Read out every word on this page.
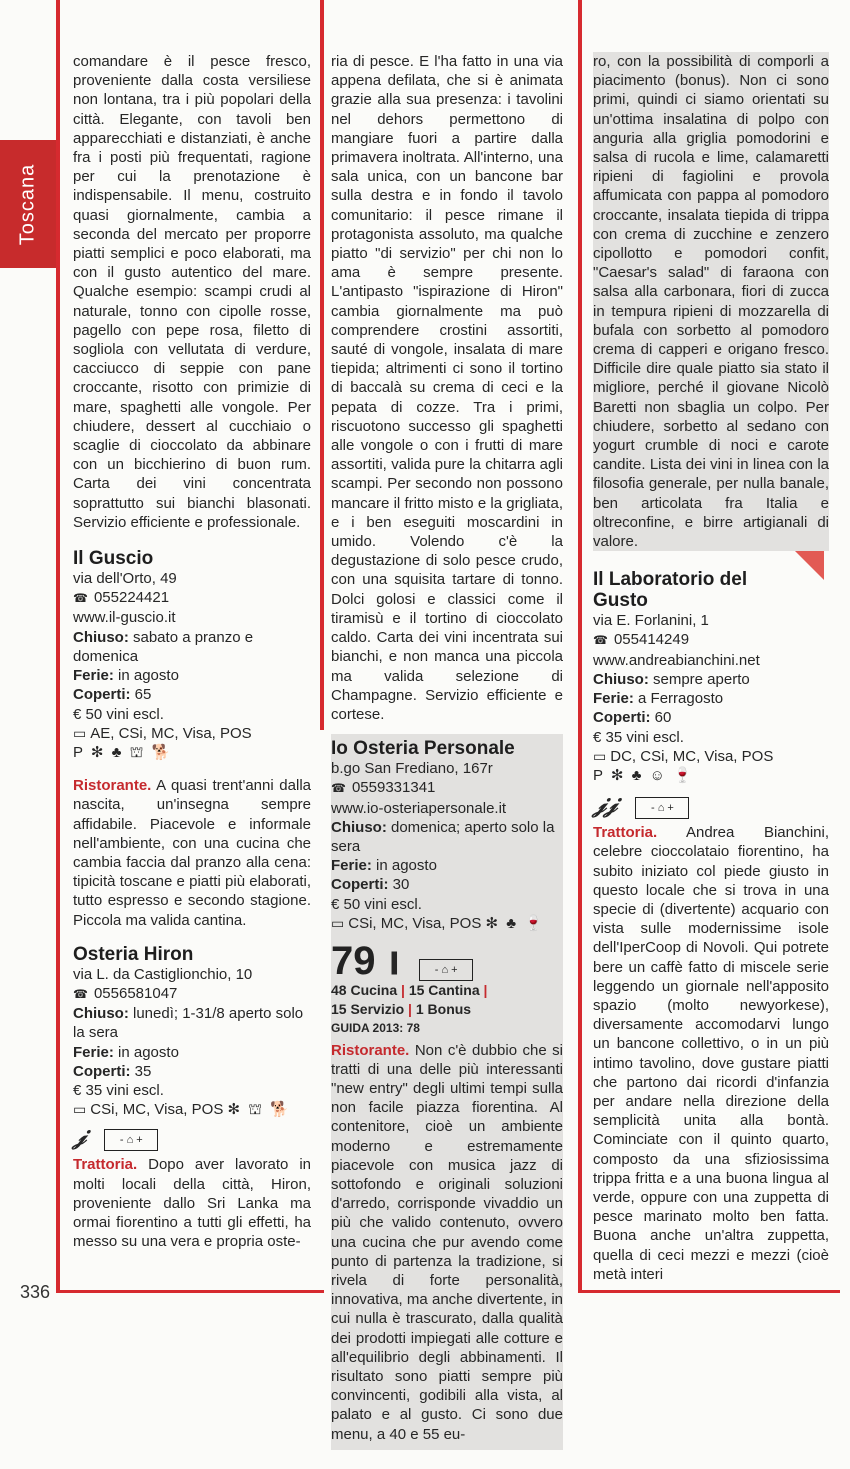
Toscana
336

comandare è il pesce fresco, proveniente dalla costa versiliese non lontana, tra i più popolari della città. Elegante, con tavoli ben apparecchiati e distanziati, è anche fra i posti più frequentati, ragione per cui la prenotazione è indispensabile. Il menu, costruito quasi giornalmente, cambia a seconda del mercato per proporre piatti semplici e poco elaborati, ma con il gusto autentico del mare. Qualche esempio: scampi crudi al naturale, tonno con cipolle rosse, pagello con pepe rosa, filetto di sogliola con vellutata di verdure, cacciucco di seppie con pane croccante, risotto con primizie di mare, spaghetti alle vongole. Per chiudere, dessert al cucchiaio o scaglie di cioccolato da abbinare con un bicchierino di buon rum. Carta dei vini concentrata soprattutto sui bianchi blasonati. Servizio efficiente e professionale.

Il Guscio
via dell'Orto, 49
☎ 055224421
www.il-guscio.it
Chiuso: sabato a pranzo e domenica
Ferie: in agosto
Coperti: 65
€ 50 vini escl.
▭ AE, CSi, MC, Visa, POS
P ✻ ♣ ⛫ 🐕

Ristorante. A quasi trent'anni dalla nascita, un'insegna sempre affidabile. Piacevole e informale nell'ambiente, con una cucina che cambia faccia dal pranzo alla cena: tipicità toscane e piatti più elaborati, tutto espresso e secondo stagione. Piccola ma valida cantina.

Osteria Hiron
via L. da Castiglionchio, 10
☎ 0556581047
Chiuso: lunedì; 1-31/8 aperto solo la sera
Ferie: in agosto
Coperti: 35
€ 35 vini escl.
▭ CSi, MC, Visa, POS ✻ ⛫ 🐕
𝒿	- ⌂ +

Trattoria. Dopo aver lavorato in molti locali della città, Hiron, proveniente dallo Sri Lanka ma ormai fiorentino a tutti gli effetti, ha messo su una vera e propria oste-

ria di pesce. E l'ha fatto in una via appena defilata, che si è animata grazie alla sua presenza: i tavolini nel dehors permettono di mangiare fuori a partire dalla primavera inoltrata. All'interno, una sala unica, con un bancone bar sulla destra e in fondo il tavolo comunitario: il pesce rimane il protagonista assoluto, ma qualche piatto "di servizio" per chi non lo ama è sempre presente. L'antipasto "ispirazione di Hiron" cambia giornalmente ma può comprendere crostini assortiti, sauté di vongole, insalata di mare tiepida; altrimenti ci sono il tortino di baccalà su crema di ceci e la pepata di cozze. Tra i primi, riscuotono successo gli spaghetti alle vongole o con i frutti di mare assortiti, valida pure la chitarra agli scampi. Per secondo non possono mancare il fritto misto e la grigliata, e i ben eseguiti moscardini in umido. Volendo c'è la degustazione di solo pesce crudo, con una squisita tartare di tonno. Dolci golosi e classici come il tiramisù e il tortino di cioccolato caldo. Carta dei vini incentrata sui bianchi, e non manca una piccola ma valida selezione di Champagne. Servizio efficiente e cortese.

Io Osteria Personale
b.go San Frediano, 167r
☎ 0559331341
www.io-osteriapersonale.it
Chiuso: domenica; aperto solo la sera
Ferie: in agosto
Coperti: 30
€ 50 vini escl.
▭ CSi, MC, Visa, POS ✻ ♣ 🍷
79 𝐈	- ⌂ +
48 Cucina | 15 Cantina |
15 Servizio | 1 Bonus
GUIDA 2013: 78

Ristorante. Non c'è dubbio che si tratti di una delle più interessanti "new entry" degli ultimi tempi sulla non facile piazza fiorentina. Al contenitore, cioè un ambiente moderno e estremamente piacevole con musica jazz di sottofondo e originali soluzioni d'arredo, corrisponde vivaddio un più che valido contenuto, ovvero una cucina che pur avendo come punto di partenza la tradizione, si rivela di forte personalità, innovativa, ma anche divertente, in cui nulla è trascurato, dalla qualità dei prodotti impiegati alle cotture e all'equilibrio degli abbinamenti. Il risultato sono piatti sempre più convincenti, godibili alla vista, al palato e al gusto. Ci sono due menu, a 40 e 55 eu-

ro, con la possibilità di comporli a piacimento (bonus). Non ci sono primi, quindi ci siamo orientati su un'ottima insalatina di polpo con anguria alla griglia pomodorini e salsa di rucola e lime, calamaretti ripieni di fagiolini e provola affumicata con pappa al pomodoro croccante, insalata tiepida di trippa con crema di zucchine e zenzero cipollotto e pomodori confit, "Caesar's salad" di faraona con salsa alla carbonara, fiori di zucca in tempura ripieni di mozzarella di bufala con sorbetto al pomodoro crema di capperi e origano fresco. Difficile dire quale piatto sia stato il migliore, perché il giovane Nicolò Baretti non sbaglia un colpo. Per chiudere, sorbetto al sedano con yogurt crumble di noci e carote candite. Lista dei vini in linea con la filosofia generale, per nulla banale, ben articolata fra Italia e oltreconfine, e birre artigianali di valore.

Il Laboratorio del Gusto
via E. Forlanini, 1
☎ 055414249
www.andreabianchini.net
Chiuso: sempre aperto
Ferie: a Ferragosto
Coperti: 60
€ 35 vini escl.
▭ DC, CSi, MC, Visa, POS
P ✻ ♣ ☺ 🍷
𝒿𝒿	- ⌂ +

Trattoria. Andrea Bianchini, celebre cioccolataio fiorentino, ha subito iniziato col piede giusto in questo locale che si trova in una specie di (divertente) acquario con vista sulle modernissime isole dell'IperCoop di Novoli. Qui potrete bere un caffè fatto di miscele serie leggendo un giornale nell'apposito spazio (molto newyorkese), diversamente accomodarvi lungo un bancone collettivo, o in un più intimo tavolino, dove gustare piatti che partono dai ricordi d'infanzia per andare nella direzione della semplicità unita alla bontà. Cominciate con il quinto quarto, composto da una sfiziosissima trippa fritta e a una buona lingua al verde, oppure con una zuppetta di pesce marinato molto ben fatta. Buona anche un'altra zuppetta, quella di ceci mezzi e mezzi (cioè metà interi
